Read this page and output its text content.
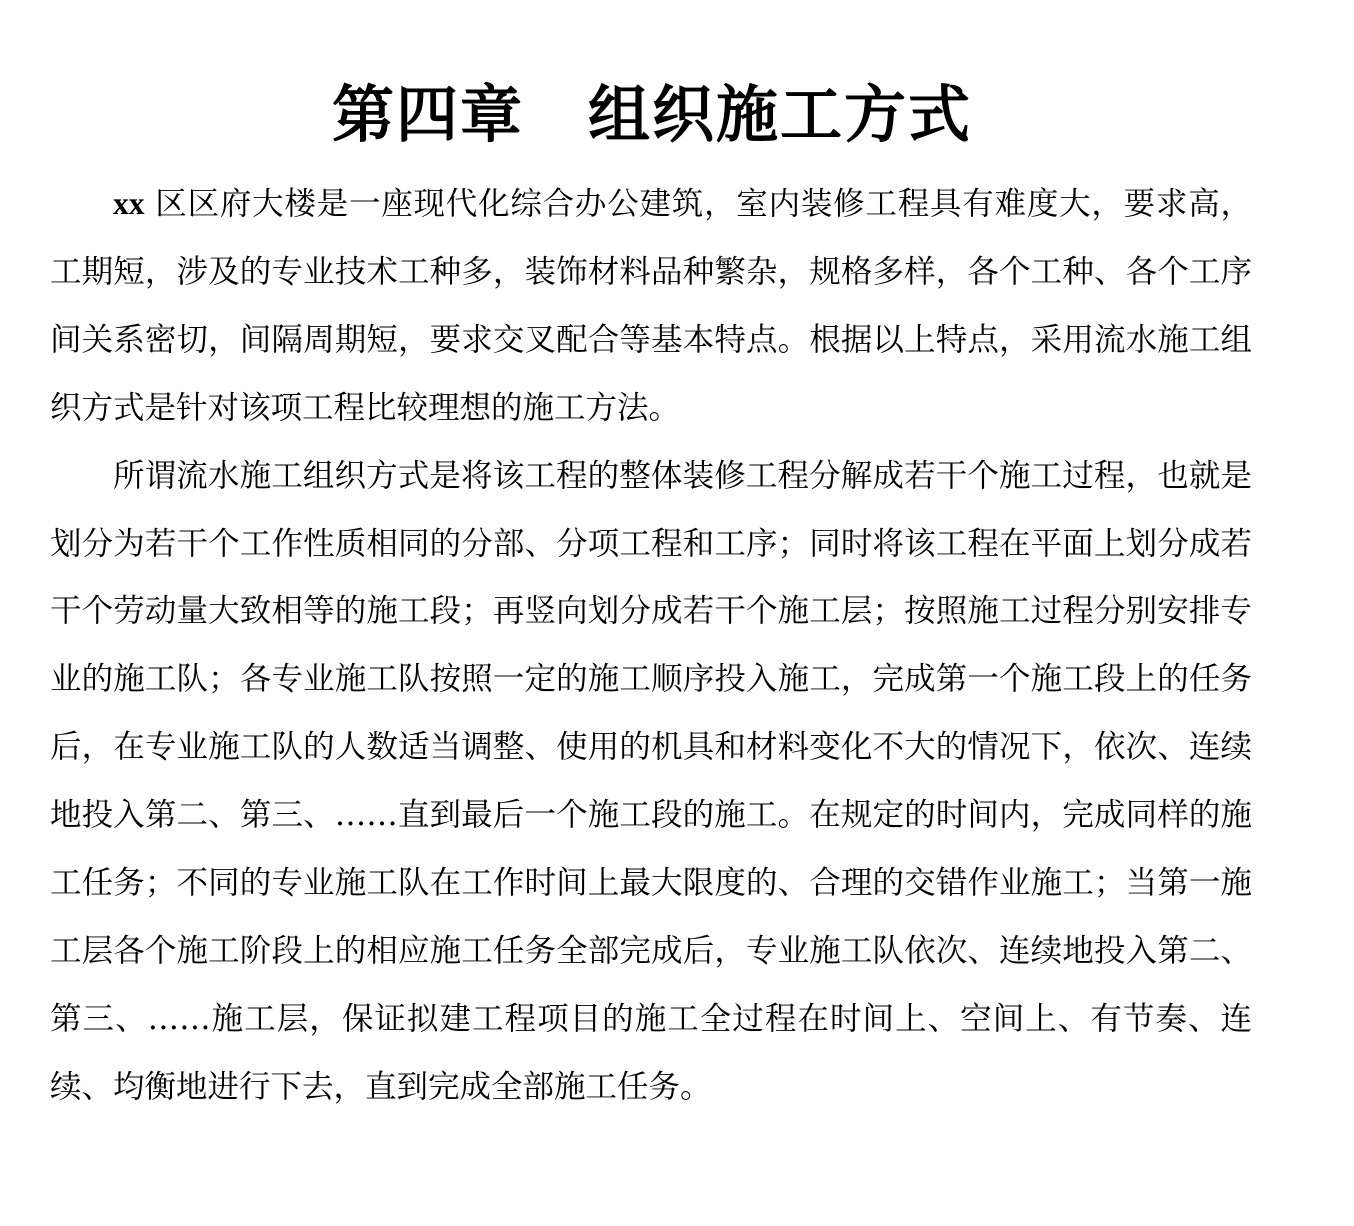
第四章　组织施工方式

xx 区区府大楼是一座现代化综合办公建筑，室内装修工程具有难度大，要求高，工期短，涉及的专业技术工种多，装饰材料品种繁杂，规格多样，各个工种、各个工序间关系密切，间隔周期短，要求交叉配合等基本特点。根据以上特点，采用流水施工组织方式是针对该项工程比较理想的施工方法。

所谓流水施工组织方式是将该工程的整体装修工程分解成若干个施工过程，也就是划分为若干个工作性质相同的分部、分项工程和工序；同时将该工程在平面上划分成若干个劳动量大致相等的施工段；再竖向划分成若干个施工层；按照施工过程分别安排专业的施工队；各专业施工队按照一定的施工顺序投入施工，完成第一个施工段上的任务后，在专业施工队的人数适当调整、使用的机具和材料变化不大的情况下，依次、连续地投入第二、第三、……直到最后一个施工段的施工。在规定的时间内，完成同样的施工任务；不同的专业施工队在工作时间上最大限度的、合理的交错作业施工；当第一施工层各个施工阶段上的相应施工任务全部完成后，专业施工队依次、连续地投入第二、第三、……施工层，保证拟建工程项目的施工全过程在时间上、空间上、有节奏、连续、均衡地进行下去，直到完成全部施工任务。
